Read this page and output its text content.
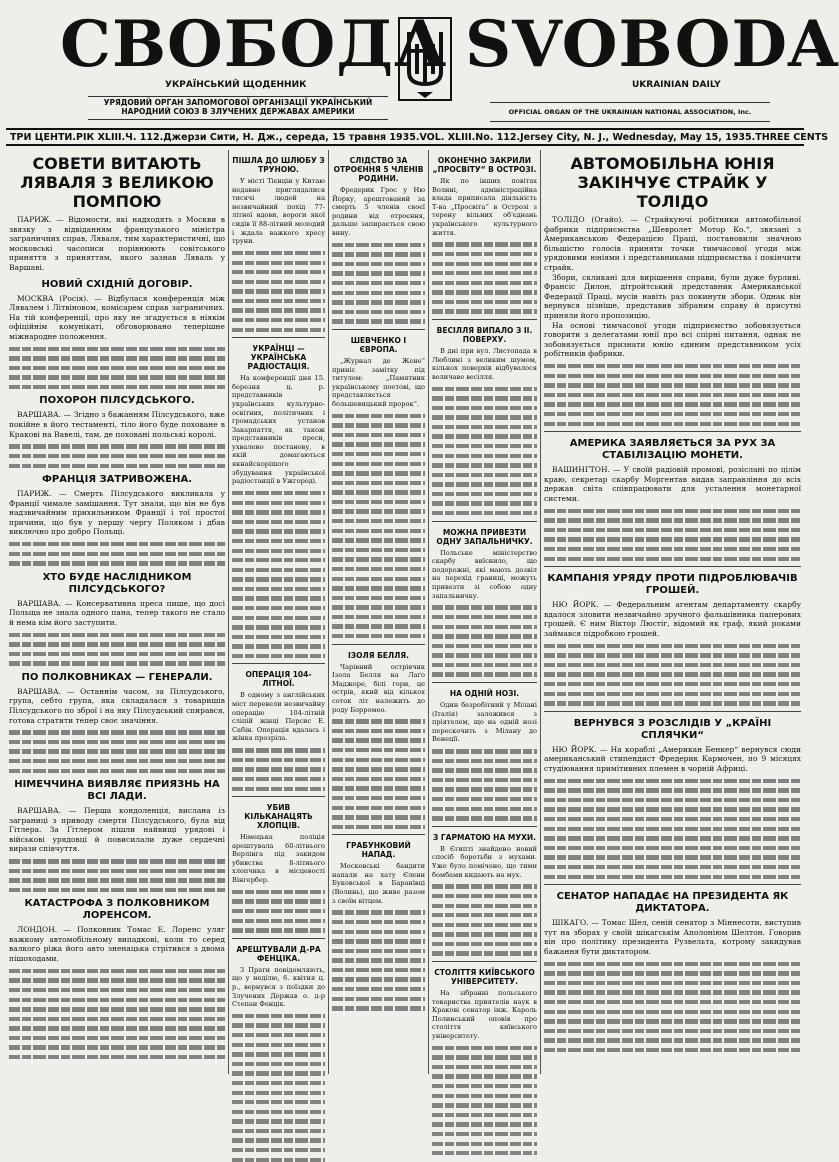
СВОБОДА SVOBODA
УКРАЇНСЬКИЙ ЩОДЕННИК	UKRAINIAN DAILY
УРЯДОВИЙ ОРГАН ЗАПОМОГОВОЇ ОРГАНІЗАЦІЇ УКРАЇНСЬКИЙ НАРОДНИЙ СОЮЗ В ЗЛУЧЕНИХ ДЕРЖАВАХ АМЕРИКИ	OFFICIAL ORGAN OF THE UKRAINIAN NATIONAL ASSOCIATION, Inc.
ТРИ ЦЕНТИ. РІК XLIII. Ч. 112. Джерзи Сити, Н. Дж., середа, 15 травня 1935. VOL. XLIII. No. 112. Jersey City, N. J., Wednesday, May 15, 1935. THREE CENTS
СОВЕТИ ВИТАЮТЬ ЛЯВАЛЯ З ВЕЛИКОЮ ПОМПОЮ

ПАРИЖ. — Відомости, які надходять з Москви в звязку з відвіданням французького міністра заграничних справ, Лявaля, тим характеристичні, що московські часописи порівнюють совітського приняття з приняттям, якого зазнав Ляваль у Варшаві.

НОВИЙ СХІДНІЙ ДОГОВІР.

МОСКВА (Росія). — Відбулася конференція між Лявалем і Літвіновом, комісарем справ заграничних. На тій конференції, про яку не згадується в ніякім офіційнім комунікаті, обговорювано теперішне міжнародне положення.

ПОХОРОН ПІЛСУДСЬКОГО.

ВАРШАВА. — Згідно з бажанням Пілсудського, вже покійне в його тестаменті, тіло його буде поховане в Кракові на Вавелі, там, де поховані польські королі.

ФРАНЦІЯ ЗАТРИВОЖЕНА.

ПАРИЖ. — Смерть Пілсудського викликала у Франції чимале замішання. Тут знали, що він не був надзвичайним прихильником Франції і тої простої причини, що був у першу чергу Поляком і дбав виключно про добро Польщі.

ХТО БУДЕ НАСЛІДНИКОМ ПІЛСУДСЬКОГО?

ВАРШАВА. — Консервативна преса пише, що досі Польща не знала одного пана, тепер такого не стало й нема кім його заступити.

ПО ПОЛКОВНИКАХ — ГЕНЕРАЛИ.

ВАРШАВА. — Останнім часом, за Пілсудського, група, себто група, яка складалася з товаришів Пілсудського по зброї і на яку Пілсудський спирався, готова стратити тепер своє значіння.

НІМЕЧЧИНА ВИЯВЛЯЄ ПРИЯЗНЬ НА ВСІ ЛАДИ.

ВАРШАВА. — Перша кондоленція, вислана із заграниці з приводу смерти Пілсудського, була від Гітлера. За Гітлером пішли найвищі урядові і військові урядовці й повисилали дуже сердечні вирази співчуття.

КАТАСТРОФА З ПОЛКОВНИКОМ ЛОРЕНСОМ.

ЛОНДОН. — Полковник Томас Е. Лоренс уляг важкому автомобільному випадкові, коли то серед валкого ріжа його авто зненацька стрітився з двома пішоходами.

ПІШЛА ДО ШЛЮБУ З ТРУНОЮ.

У місті Тієнцін у Китаю недавно приглядалися тисячі людей на незвичайний похід 77-літної вдови, вороги якої сидів її 88-літний молодий і ждала важкого хресу труни.

УКРАЇНЦІ — УКРАЇНСЬКА РАДІОСТАЦІЯ.

На конференції дня 15. березня ц. р. представників українських культурно-освітних, політичних і громадських установ Закарпаття, як також представників преси, ухвалено постанову, в якій домагаються якнайскорішого збудування української радіостанції в Ужгороді.

ОПЕРАЦІЯ 104-ЛІТНОЇ.

В одному з англійських міст перевели незвичайну операцію 104-літній сліпій жінці Персис Е. Сабін. Операція вдалась і жінка прозріла.

УБИВ КІЛЬКАНАЦЯТЬ ХЛОПЦІВ.

Німецька поліція арештувала 60-літнього Верлінга під закидом убивства 8-літнього хлопчика в місцевості Вінгербер.

АРЕШТУВАЛИ Д-РА ФЕНЦІКА.

З Праги повідомляють, що у неділю, 6. квітня ц. р., вернувся з поїздки до Злучених Держав о. д-р Степан Фенцік.

СЛІДСТВО ЗА ОТРОЄННЯ 5 ЧЛЕНІВ РОДИНИ.

Фредерик Грос у Ню Йорку, арештований за смерть 5 членів своєї родини від отроєння, дальше запирається свою вину.

ШЕВЧЕНКО І ЄВРОПА.

„Журнал де Жене“ приніс замітку під титулом: „Памятник українському поетові, що представляється большевицький пророк“.

ІЗОЛЯ БЕЛЛЯ.

Чарівний острівчик Ізола Белля на Лаґо Маджоре, білі гори, це острів, який від кількох соток літ належить до роду Борромео.

ГРАБУНКОВИЙ НАПАД.

Московські бандити напали на хату Єлени Буковської в Баранівці (Волинь), що живе разом з своїм вітцем.

ОКОНЕЧНО ЗАКРИЛИ „ПРОСВІТУ“ В ОСТРОЗІ.

Як по інших повітах Волині, адміністраційна влада приписала діяльність Т-ва „Просвіта“ в Острозі з терену вільних об'єднань українського культурного життя.

ВЕСІЛЛЯ ВИПАЛО З II. ПОВЕРХУ.

В дні при вул. Листопада в Люблині з великим шумом, кількох поверхів відбувалося величаве весілля.

МОЖНА ПРИВЕЗТИ ОДНУ ЗАПАЛЬНИЧКУ.

Польське міністерство скарбу виїснило, що подорожні, які мають дозвіл на перехід границі, можуть привезти зі собою одну запальничку.

НА ОДНІЙ НОЗІ.

Один безробітний у Мілані (Італія) заложився з пріятелем, що на одній нозі перескочить з Мілану до Венеції.

З ГАРМАТОЮ НА МУХИ.

В Єгипті знайдено новий спосіб боротьби з мухами. Уже було помічено, що тими бомбами кидають на мух.

СТОЛІТТЯ КИЇВСЬКОГО УНІВЕРСИТЕТУ.

На зібранні польського товариства приятелів наук в Кракові сенатор інж. Кароль Полинський оповів про століття київського університету.

АВТОМОБІЛЬНА ЮНІЯ ЗАКІНЧУЄ СТРАЙК У ТОЛІДО

ТОЛІДО (Огайо). — Страйкуючі робітники автомобільної фабрики підприємства „Шеврoлет Мотор Ко.“, звязані з Американською Федерацією Праці, постановили значною більшістю голосів приняти точки тимчасової угоди між урядовими юніями і представниками підприємства і покінчити страйк.

Збори, скликані для вирішення справи, були дуже бурливі. Франсіс Дилон, дітройтський представник Американської Федерації Праці, мусів навіть раз покинути збори. Однак він вернувся пізніше, представив зібраним справу й присутні приняли його пропозицію.

На основі тимчасової угоди підприємство зобовязується говорити з делегатами юнії про всі спірні питання, однак не зобовязується признати юнію єдиним представником усіх робітників фабрики.

АМЕРИКА ЗАЯВЛЯЄТЬСЯ ЗА РУХ ЗА СТАБІЛІЗАЦІЮ МОНЕТИ.

ВАШИНГТОН. — У своїй радіовій промові, розіслані по цілім краю, секретар скарбу Моргентав видав заправління до всіх держав світа співпрацювати для усталення монетарної системи.

КАМПАНІЯ УРЯДУ ПРОТИ ПІДРОБЛЮВАЧІВ ГРОШЕЙ.

НЮ ЙОРК. — Федеральним агентам департаменту скарбу вдалося зловити незвичайно зручного фальшівника паперових грошей. Є ним Віктор Люстіг, відомий як граф, який роками займався підробкою грошей.

ВЕРНУВСЯ З РОЗСЛІДІВ У „КРАЇНІ СПЛЯЧКИ“

НЮ ЙОРК. — На кораблі „Американ Бенкер“ вернувся сюди американський стипендист Фредерик Кармочен, по 9 місяцях студіювання примітивних племен в чорній Африці.

СЕНАТОР НАПАДАЄ НА ПРЕЗИДЕНТА ЯК ДИКТАТОРА.

ШІКАГО. — Томас Шел, сеній сенатор з Міннесоти, виступив тут на зборах у своїй шікагськім Аполоніюм Шелтон. Говорив він про політику президента Рузвельта, котрому закидував бажання бути диктатором.
